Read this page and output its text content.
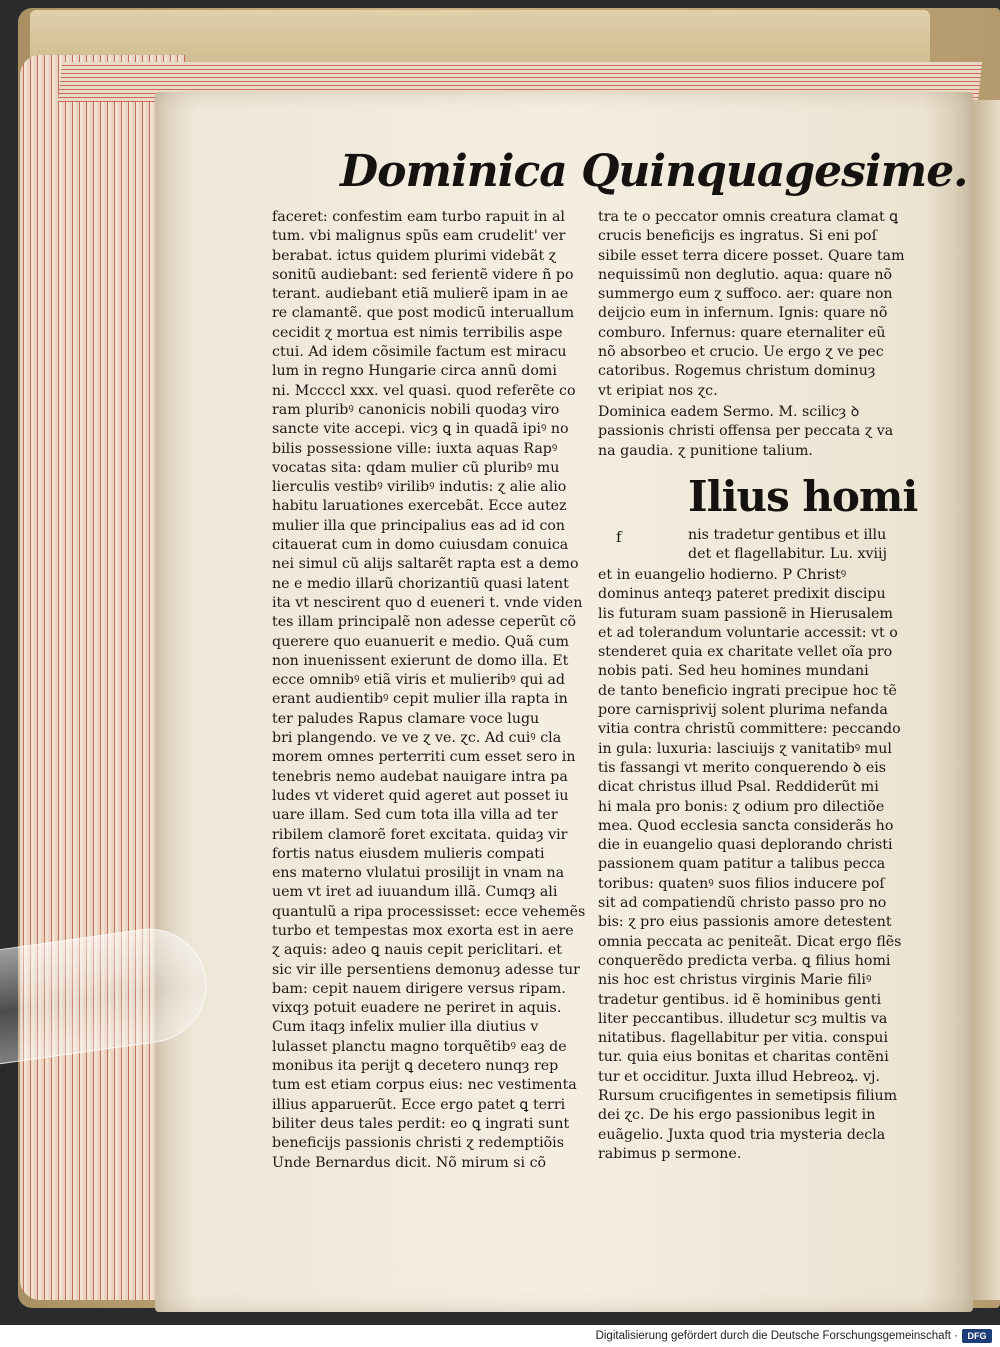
Dominica Quinquagesime.
faceret: confestim eam turbo rapuit in al
tum. vbi malignus spũs eam crudelit' ver
berabat. ictus quidem plurimi videbãt ɀ
sonitũ audiebant: sed ferientẽ videre ñ po
terant. audiebant etiã mulierẽ ipam in ae
re clamantẽ. que post modicũ interuallum
cecidit ɀ mortua est nimis terribilis aspe
ctui. Ad idem cõsimile factum est miracu
lum in regno Hungarie circa annũ domi
ni. Mccccl xxx. vel quasi. quod referẽte co
ram pluribꝰ canonicis nobili quodaȝ viro
sancte vite accepi. vicȝ ꝗ in quadã ipiꝰ no
bilis possessione ville: iuxta aquas Rapꝰ
vocatas sita: qdam mulier cũ pluribꝰ mu
lierculis vestibꝰ virilibꝰ indutis: ɀ alie alio
habitu laruationes exercebãt. Ecce autez
mulier illa que principalius eas ad id con
citauerat cum in domo cuiusdam conuica
nei simul cũ alijs saltarẽt rapta est a demo
ne e medio illarũ chorizantiũ quasi latent
ita vt nescirent quo d eueneri t. vnde viden
tes illam principalẽ non adesse ceperũt cõ
querere quo euanuerit e medio. Quã cum
non inuenissent exierunt de domo illa. Et
ecce omnibꝰ etiã viris et mulieribꝰ qui ad
erant audientibꝰ cepit mulier illa rapta in
ter paludes Rapus clamare voce lugu
bri plangendo. ve ve ɀ ve. ɀc. Ad cuiꝰ cla
morem omnes perterriti cum esset sero in
tenebris nemo audebat nauigare intra pa
ludes vt videret quid ageret aut posset iu
uare illam. Sed cum tota illa villa ad ter
ribilem clamorẽ foret excitata. quidaȝ vir
fortis natus eiusdem mulieris compati
ens materno vlulatui prosilijt in vnam na
uem vt iret ad iuuandum illã. Cumqȝ ali
quantulũ a ripa processisset: ecce vehemẽs
turbo et tempestas mox exorta est in aere
ɀ aquis: adeo ꝗ nauis cepit periclitari. et
sic vir ille persentiens demonuȝ adesse tur
bam: cepit nauem dirigere versus ripam.
vixqȝ potuit euadere ne periret in aquis.
Cum itaqȝ infelix mulier illa diutius v
lulasset planctu magno torquẽtibꝰ eaȝ de
monibus ita perijt ꝗ decetero nunqȝ rep
tum est etiam corpus eius: nec vestimenta
illius apparuerũt. Ecce ergo patet ꝗ terri
biliter deus tales perdit: eo ꝗ ingrati sunt
beneficijs passionis christi ɀ redemptiõis
Unde Bernardus dicit. Nõ mirum si cõ
tra te o peccator omnis creatura clamat ꝗ
crucis beneficijs es ingratus. Si eni poſ
sibile esset terra dicere posset. Quare tam
nequissimũ non deglutio. aqua: quare nõ
summergo eum ɀ suffoco. aer: quare non
deijcio eum in infernum. Ignis: quare nõ
comburo. Infernus: quare eternaliter eũ
nõ absorbeo et crucio. Ue ergo ɀ ve pec
catoribus. Rogemus christum dominuȝ
vt eripiat nos ɀc.
Dominica eadem Sermo. M. scilicȝ ꝺ
passionis christi offensa per peccata ɀ va
na gaudia. ɀ punitione talium.
Ilius homi
f	nis tradetur gentibus et illu
det et flagellabitur. Lu. xviij
et in euangelio hodierno. P Christꝰ
dominus anteqȝ pateret predixit discipu
lis futuram suam passionẽ in Hierusalem
et ad tolerandum voluntarie accessit: vt o
stenderet quia ex charitate vellet oĩa pro
nobis pati. Sed heu homines mundani
de tanto beneficio ingrati precipue hoc tẽ
pore carnisprivij solent plurima nefanda
vitia contra christũ committere: peccando
in gula: luxuria: lasciuijs ɀ vanitatibꝰ mul
tis fassangi vt merito conquerendo ꝺ eis
dicat christus illud Psal. Reddiderũt mi
hi mala pro bonis: ɀ odium pro dilectiõe
mea. Quod ecclesia sancta considerãs ho
die in euangelio quasi deplorando christi
passionem quam patitur a talibus pecca
toribus: quatenꝰ suos filios inducere poſ
sit ad compatiendũ christo passo pro no
bis: ɀ pro eius passionis amore detestent
omnia peccata ac peniteãt. Dicat ergo flẽs
conquerẽdo predicta verba. ꝗ filius homi
nis hoc est christus virginis Marie filiꝰ
tradetur gentibus. id ẽ hominibus genti
liter peccantibus. illudetur scȝ multis va
nitatibus. flagellabitur per vitia. conspui
tur. quia eius bonitas et charitas contẽni
tur et occiditur. Juxta illud Hebreoꝝ. vj.
Rursum crucifigentes in semetipsis filium
dei ɀc. De his ergo passionibus legit in
euãgelio. Juxta quod tria mysteria decla
rabimus p sermone.
Digitalisierung gefördert durch die Deutsche Forschungsgemeinschaft ·	DFG
